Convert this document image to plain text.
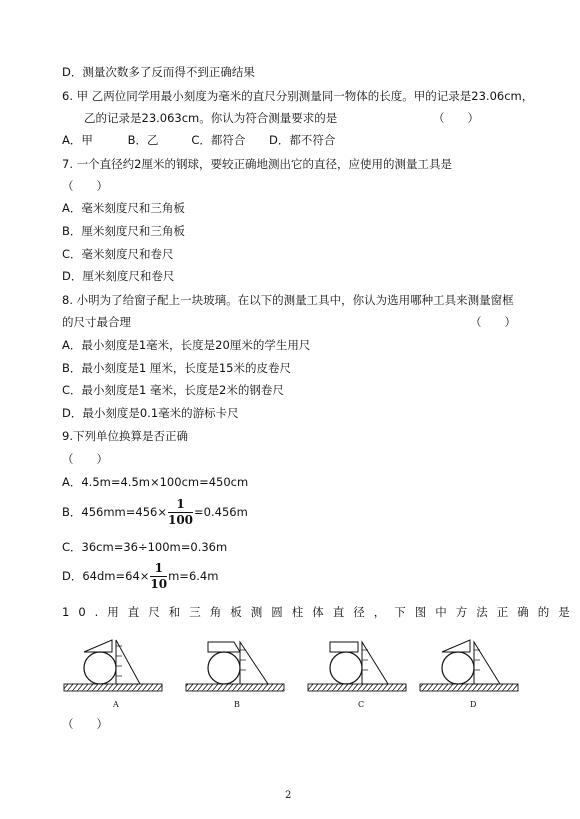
D．测量次数多了反而得不到正确结果
6. 甲 乙两位同学用最小刻度为毫米的直尺分别测量同一物体的长度。甲的记录是23.06cm，
乙的记录是23.063cm。你认为符合测量要求的是	（　　）
A．甲	B．乙	C．都符合 D．都不符合
7. 一个直径约2厘米的钢球，要较正确地测出它的直径，应使用的测量工具是
（　　）
A．毫米刻度尺和三角板
B．厘米刻度尺和三角板
C．毫米刻度尺和卷尺
D．厘米刻度尺和卷尺
8. 小明为了给窗子配上一块玻璃。在以下的测量工具中，你认为选用哪种工具来测量窗框
的尺寸最合理	（　　）
A．最小刻度是1毫米，长度是20厘米的学生用尺
B．最小刻度是1 厘米，长度是15米的皮卷尺
C．最小刻度是1 毫米，长度是2米的钢卷尺
D．最小刻度是0.1毫米的游标卡尺
9.下列单位换算是否正确
（　　）
A．4.5m=4.5m×100cm=450cm
B．$456mm=456\times \frac{1}{100} =0.456m$
C．36cm=36÷100m=0.36m
D．$64dm=64\times \frac{1}{10} m=6.4m$
10.用直尺和三角板测圆柱体直径，下图中方法正确的是
A	B	C	D
（　　）
2
